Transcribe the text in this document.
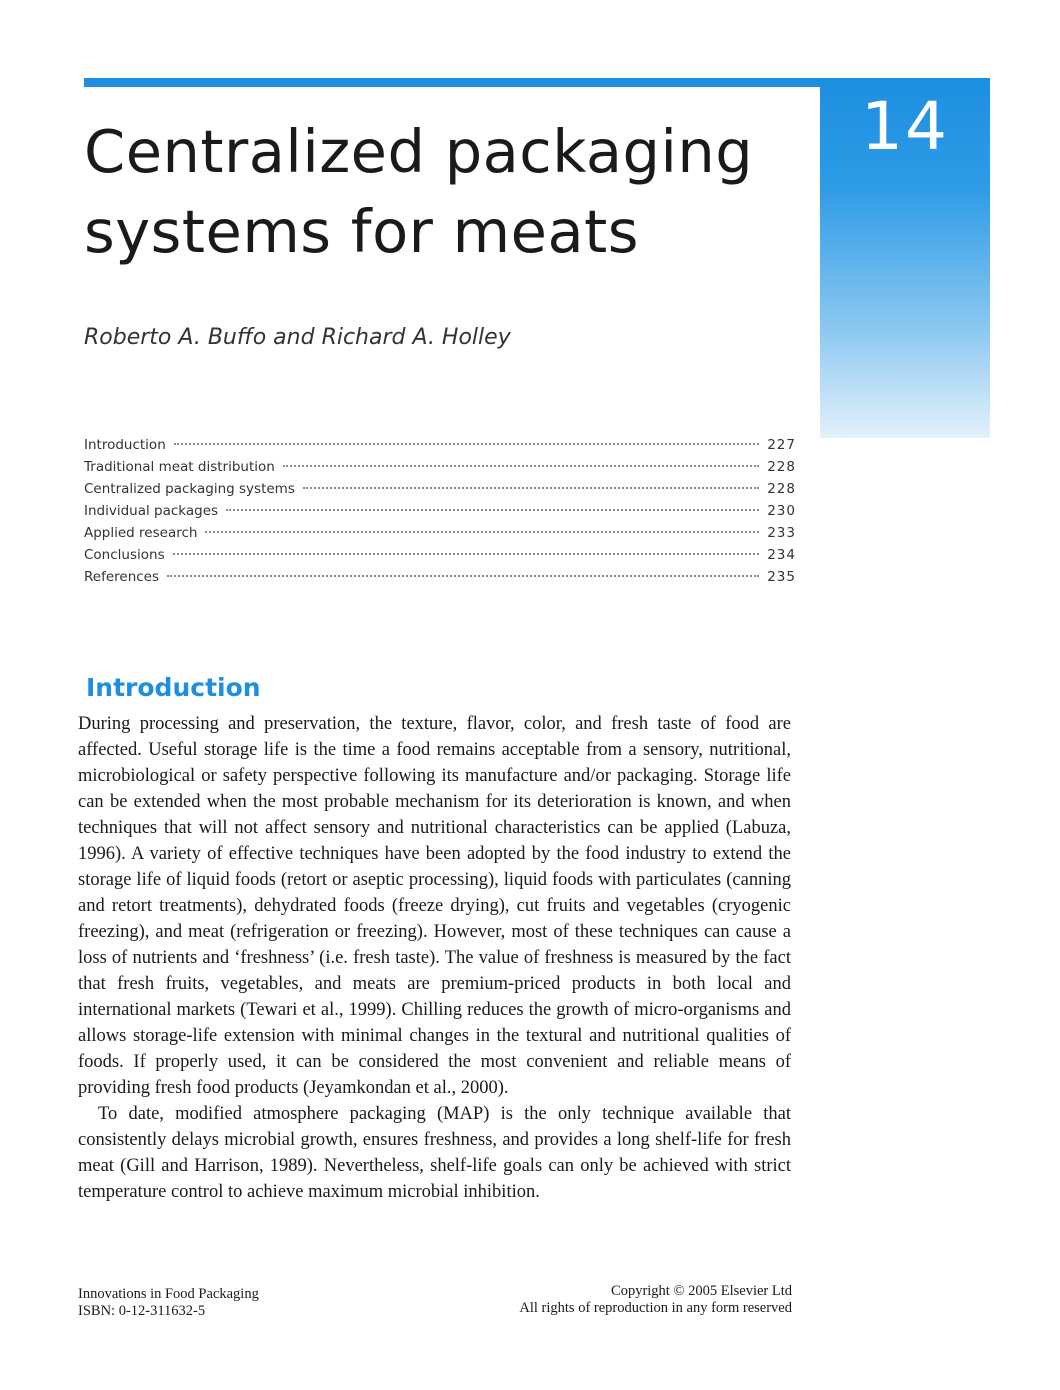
14
Centralized packaging
systems for meats
Roberto A. Buffo and Richard A. Holley
Introduction	227
Traditional meat distribution	228
Centralized packaging systems	228
Individual packages	230
Applied research	233
Conclusions	234
References	235
Introduction

During processing and preservation, the texture, flavor, color, and fresh taste of food are affected. Useful storage life is the time a food remains acceptable from a sensory, nutritional, microbiological or safety perspective following its manufacture and/or packaging. Storage life can be extended when the most probable mechanism for its deterioration is known, and when techniques that will not affect sensory and nutritional characteristics can be applied (Labuza, 1996). A variety of effective techniques have been adopted by the food industry to extend the storage life of liquid foods (retort or aseptic processing), liquid foods with particulates (canning and retort treatments), dehydrated foods (freeze drying), cut fruits and vegetables (cryogenic freezing), and meat (refrigeration or freezing). However, most of these techniques can cause a loss of nutrients and ‘freshness’ (i.e. fresh taste). The value of freshness is measured by the fact that fresh fruits, vegetables, and meats are premium-priced products in both local and international markets (Tewari et al., 1999). Chilling reduces the growth of micro-organisms and allows storage-life extension with minimal changes in the textural and nutritional qualities of foods. If properly used, it can be considered the most convenient and reliable means of providing fresh food products (Jeyamkondan et al., 2000).

To date, modified atmosphere packaging (MAP) is the only technique available that consistently delays microbial growth, ensures freshness, and provides a long shelf-life for fresh meat (Gill and Harrison, 1989). Nevertheless, shelf-life goals can only be achieved with strict temperature control to achieve maximum microbial inhibition.

Innovations in Food Packaging
ISBN: 0-12-311632-5
Copyright © 2005 Elsevier Ltd
All rights of reproduction in any form reserved
